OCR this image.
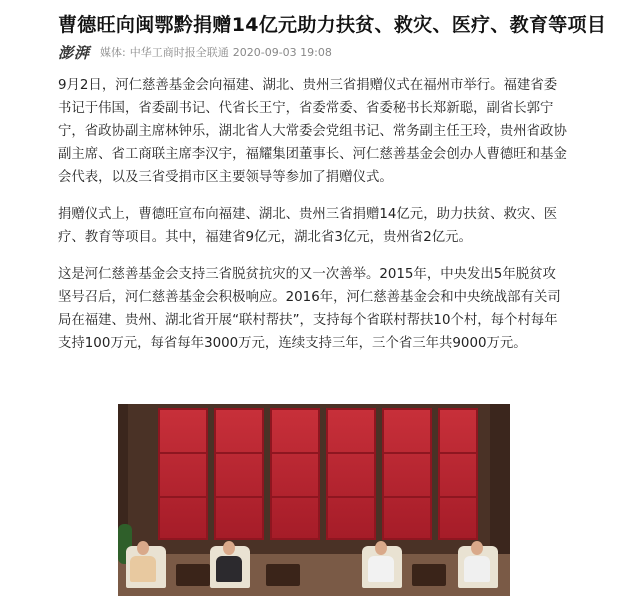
曹德旺向闽鄂黔捐赠14亿元助力扶贫、救灾、医疗、教育等项目
澎湃 媒体: 中华工商时报全联通 2020-09-03 19:08

9月2日，河仁慈善基金会向福建、湖北、贵州三省捐赠仪式在福州市举行。福建省委书记于伟国，省委副书记、代省长王宁，省委常委、省委秘书长郑新聪，副省长郭宁宁，省政协副主席林钟乐，湖北省人大常委会党组书记、常务副主任王玲，贵州省政协副主席、省工商联主席李汉宇，福耀集团董事长、河仁慈善基金会创办人曹德旺和基金会代表，以及三省受捐市区主要领导等参加了捐赠仪式。

捐赠仪式上，曹德旺宣布向福建、湖北、贵州三省捐赠14亿元，助力扶贫、救灾、医疗、教育等项目。其中，福建省9亿元，湖北省3亿元，贵州省2亿元。

这是河仁慈善基金会支持三省脱贫抗灾的又一次善举。2015年，中央发出5年脱贫攻坚号召后，河仁慈善基金会积极响应。2016年，河仁慈善基金会和中央统战部有关司局在福建、贵州、湖北省开展“联村帮扶”，支持每个省联村帮扶10个村，每个村每年支持100万元，每省每年3000万元，连续支持三年，三个省三年共9000万元。
